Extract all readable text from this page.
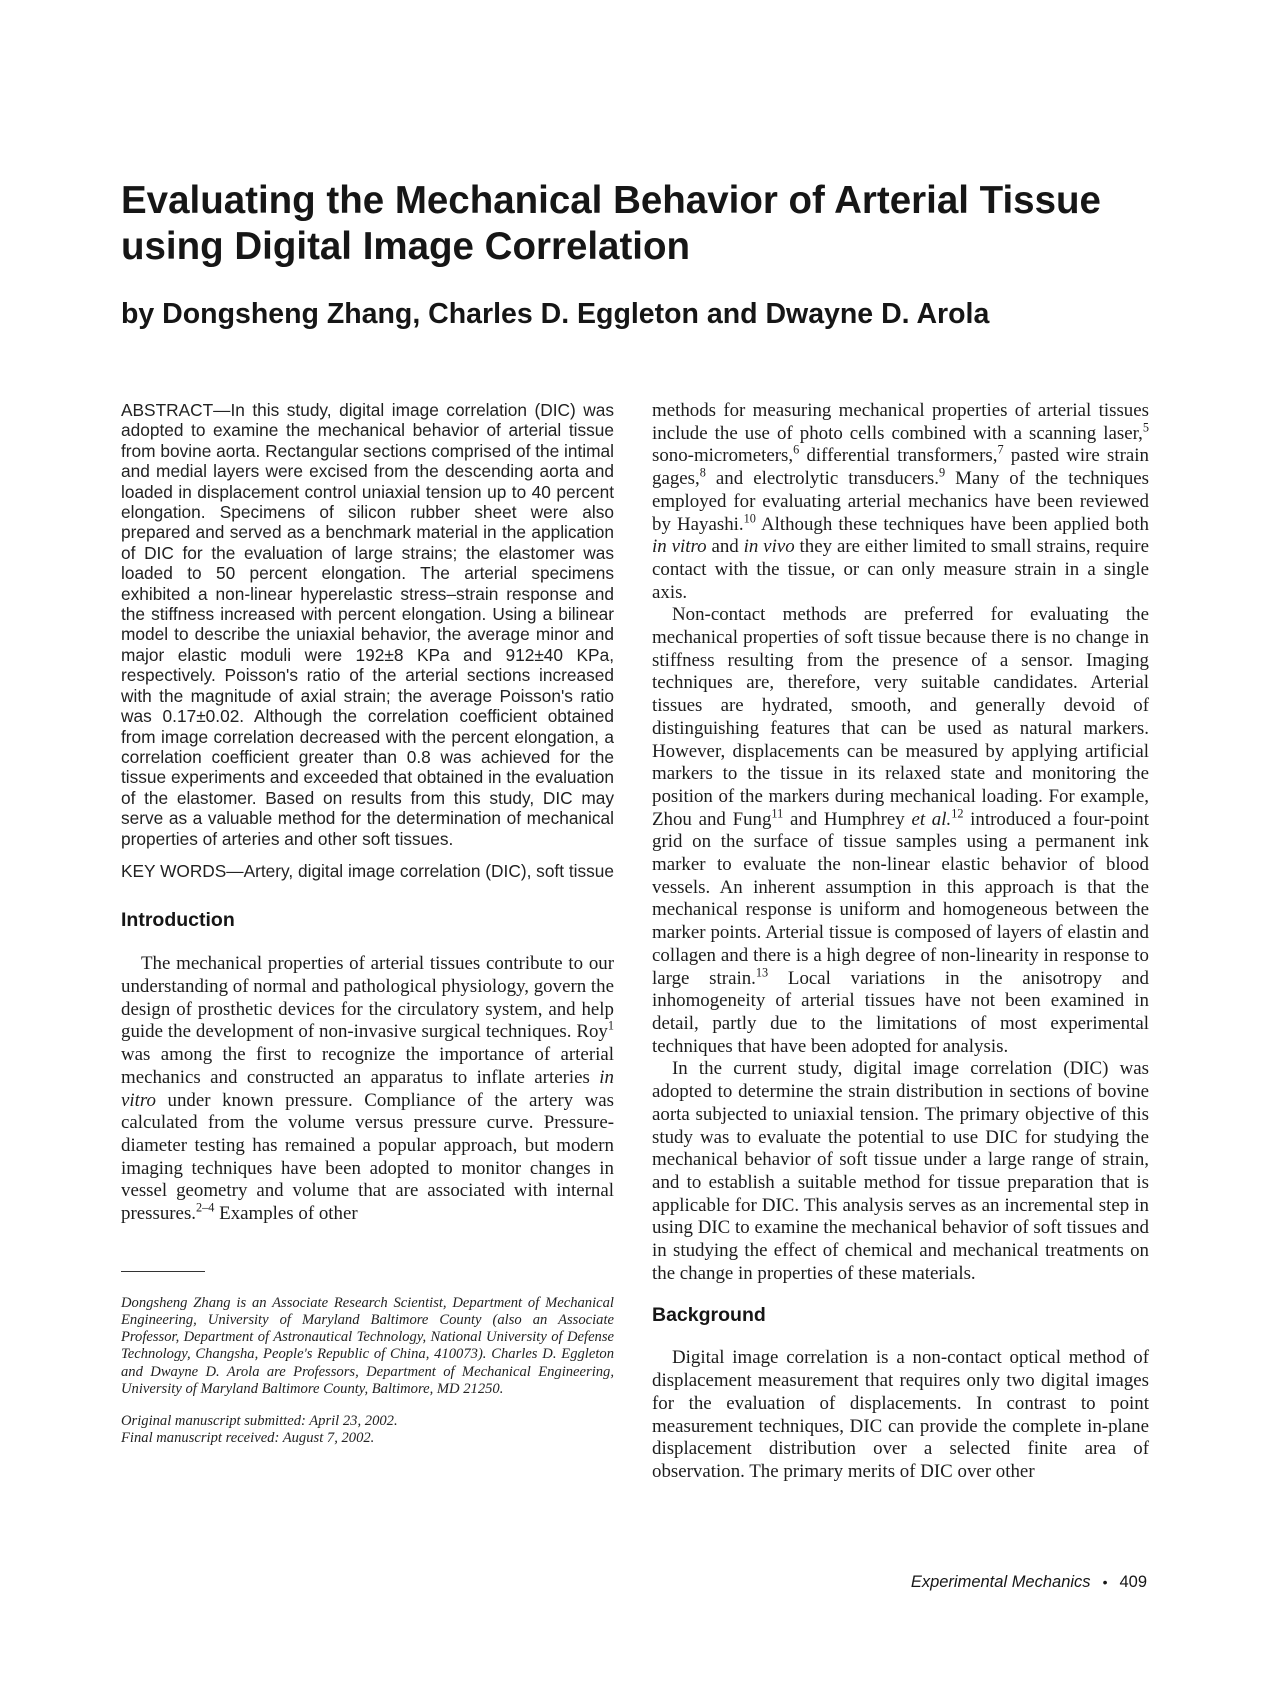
Evaluating the Mechanical Behavior of Arterial Tissue using Digital Image Correlation
by Dongsheng Zhang, Charles D. Eggleton and Dwayne D. Arola

ABSTRACT—In this study, digital image correlation (DIC) was adopted to examine the mechanical behavior of arterial tissue from bovine aorta. Rectangular sections comprised of the intimal and medial layers were excised from the descending aorta and loaded in displacement control uniaxial tension up to 40 percent elongation. Specimens of silicon rubber sheet were also prepared and served as a benchmark material in the application of DIC for the evaluation of large strains; the elastomer was loaded to 50 percent elongation. The arterial specimens exhibited a non-linear hyperelastic stress–strain response and the stiffness increased with percent elongation. Using a bilinear model to describe the uniaxial behavior, the average minor and major elastic moduli were 192±8 KPa and 912±40 KPa, respectively. Poisson's ratio of the arterial sections increased with the magnitude of axial strain; the average Poisson's ratio was 0.17±0.02. Although the correlation coefficient obtained from image correlation decreased with the percent elongation, a correlation coefficient greater than 0.8 was achieved for the tissue experiments and exceeded that obtained in the evaluation of the elastomer. Based on results from this study, DIC may serve as a valuable method for the determination of mechanical properties of arteries and other soft tissues.

KEY WORDS—Artery, digital image correlation (DIC), soft tissue

Introduction

The mechanical properties of arterial tissues contribute to our understanding of normal and pathological physiology, govern the design of prosthetic devices for the circulatory system, and help guide the development of non-invasive surgical techniques. Roy$^1$ was among the first to recognize the importance of arterial mechanics and constructed an apparatus to inflate arteries in vitro under known pressure. Compliance of the artery was calculated from the volume versus pressure curve. Pressure-diameter testing has remained a popular approach, but modern imaging techniques have been adopted to monitor changes in vessel geometry and volume that are associated with internal pressures.$^{2-4}$ Examples of other

Dongsheng Zhang is an Associate Research Scientist, Department of Mechanical Engineering, University of Maryland Baltimore County (also an Associate Professor, Department of Astronautical Technology, National University of Defense Technology, Changsha, People's Republic of China, 410073). Charles D. Eggleton and Dwayne D. Arola are Professors, Department of Mechanical Engineering, University of Maryland Baltimore County, Baltimore, MD 21250.

Original manuscript submitted: April 23, 2002.

Final manuscript received: August 7, 2002.

methods for measuring mechanical properties of arterial tissues include the use of photo cells combined with a scanning laser,$^5$ sono-micrometers,$^6$ differential transformers,$^7$ pasted wire strain gages,$^8$ and electrolytic transducers.$^9$ Many of the techniques employed for evaluating arterial mechanics have been reviewed by Hayashi.$^{10}$ Although these techniques have been applied both in vitro and in vivo they are either limited to small strains, require contact with the tissue, or can only measure strain in a single axis.

Non-contact methods are preferred for evaluating the mechanical properties of soft tissue because there is no change in stiffness resulting from the presence of a sensor. Imaging techniques are, therefore, very suitable candidates. Arterial tissues are hydrated, smooth, and generally devoid of distinguishing features that can be used as natural markers. However, displacements can be measured by applying artificial markers to the tissue in its relaxed state and monitoring the position of the markers during mechanical loading. For example, Zhou and Fung$^{11}$ and Humphrey et al.$^{12}$ introduced a four-point grid on the surface of tissue samples using a permanent ink marker to evaluate the non-linear elastic behavior of blood vessels. An inherent assumption in this approach is that the mechanical response is uniform and homogeneous between the marker points. Arterial tissue is composed of layers of elastin and collagen and there is a high degree of non-linearity in response to large strain.$^{13}$ Local variations in the anisotropy and inhomogeneity of arterial tissues have not been examined in detail, partly due to the limitations of most experimental techniques that have been adopted for analysis.

In the current study, digital image correlation (DIC) was adopted to determine the strain distribution in sections of bovine aorta subjected to uniaxial tension. The primary objective of this study was to evaluate the potential to use DIC for studying the mechanical behavior of soft tissue under a large range of strain, and to establish a suitable method for tissue preparation that is applicable for DIC. This analysis serves as an incremental step in using DIC to examine the mechanical behavior of soft tissues and in studying the effect of chemical and mechanical treatments on the change in properties of these materials.

Background

Digital image correlation is a non-contact optical method of displacement measurement that requires only two digital images for the evaluation of displacements. In contrast to point measurement techniques, DIC can provide the complete in-plane displacement distribution over a selected finite area of observation. The primary merits of DIC over other

Experimental Mechanics • 409
